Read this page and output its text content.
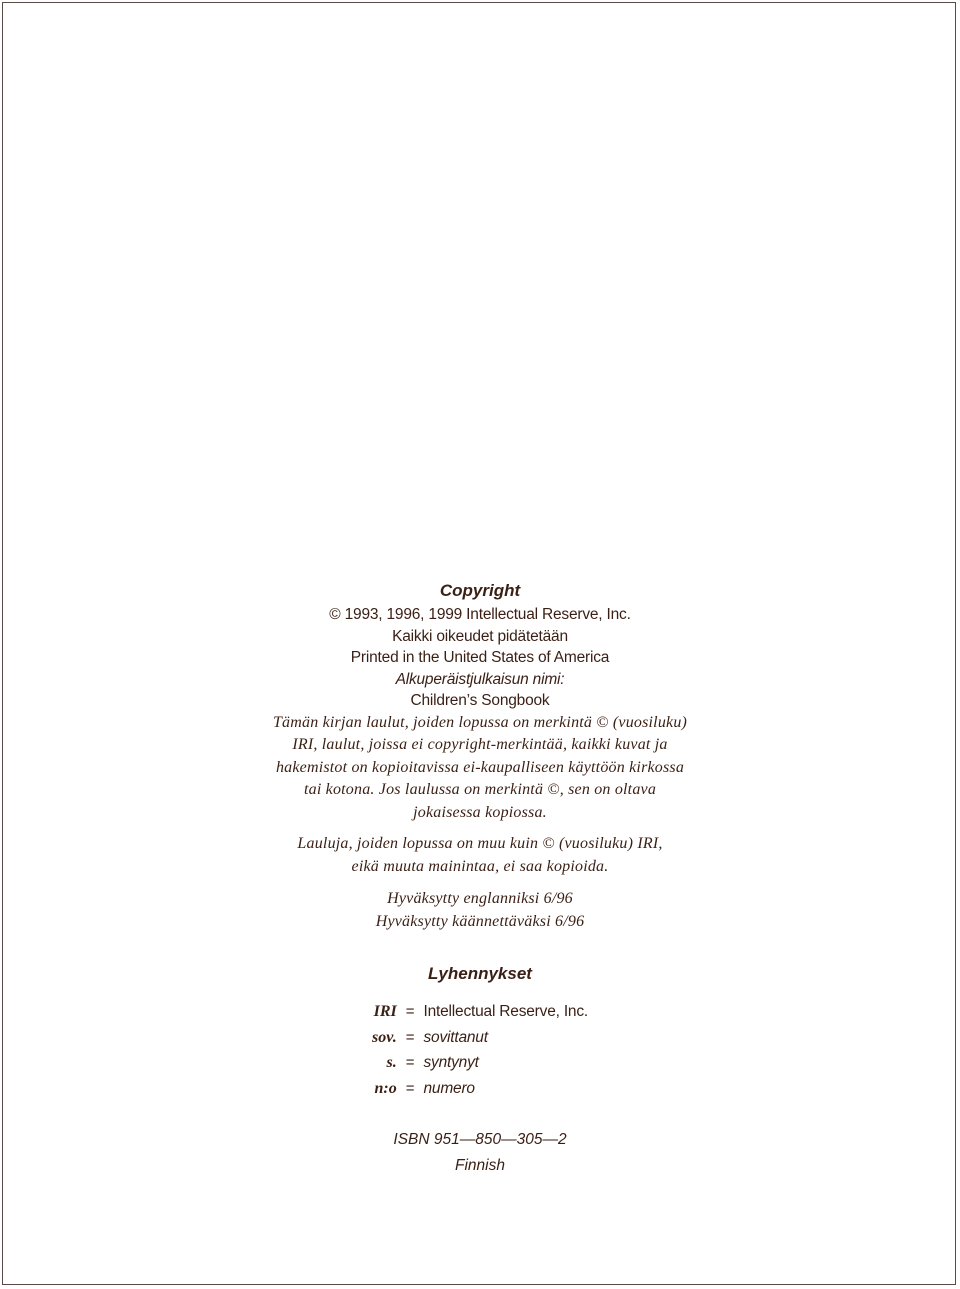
Copyright
© 1993, 1996, 1999 Intellectual Reserve, Inc.
Kaikki oikeudet pidätetään
Printed in the United States of America
Alkuperäistjulkaisun nimi:
Children’s Songbook
Tämän kirjan laulut, joiden lopussa on merkintä © (vuosiluku)
IRI, laulut, joissa ei copyright-merkintää, kaikki kuvat ja
hakemistot on kopioitavissa ei-kaupalliseen käyttöön kirkossa
tai kotona. Jos laulussa on merkintä ©, sen on oltava
jokaisessa kopiossa.
Lauluja, joiden lopussa on muu kuin © (vuosiluku) IRI,
eikä muuta mainintaa, ei saa kopioida.
Hyväksytty englanniksi 6/96
Hyväksytty käännettäväksi 6/96
Lyhennykset
IRI	=	Intellectual Reserve, Inc.
sov.	=	sovittanut
s.	=	syntynyt
n:o	=	numero
ISBN 951—850—305—2
Finnish
